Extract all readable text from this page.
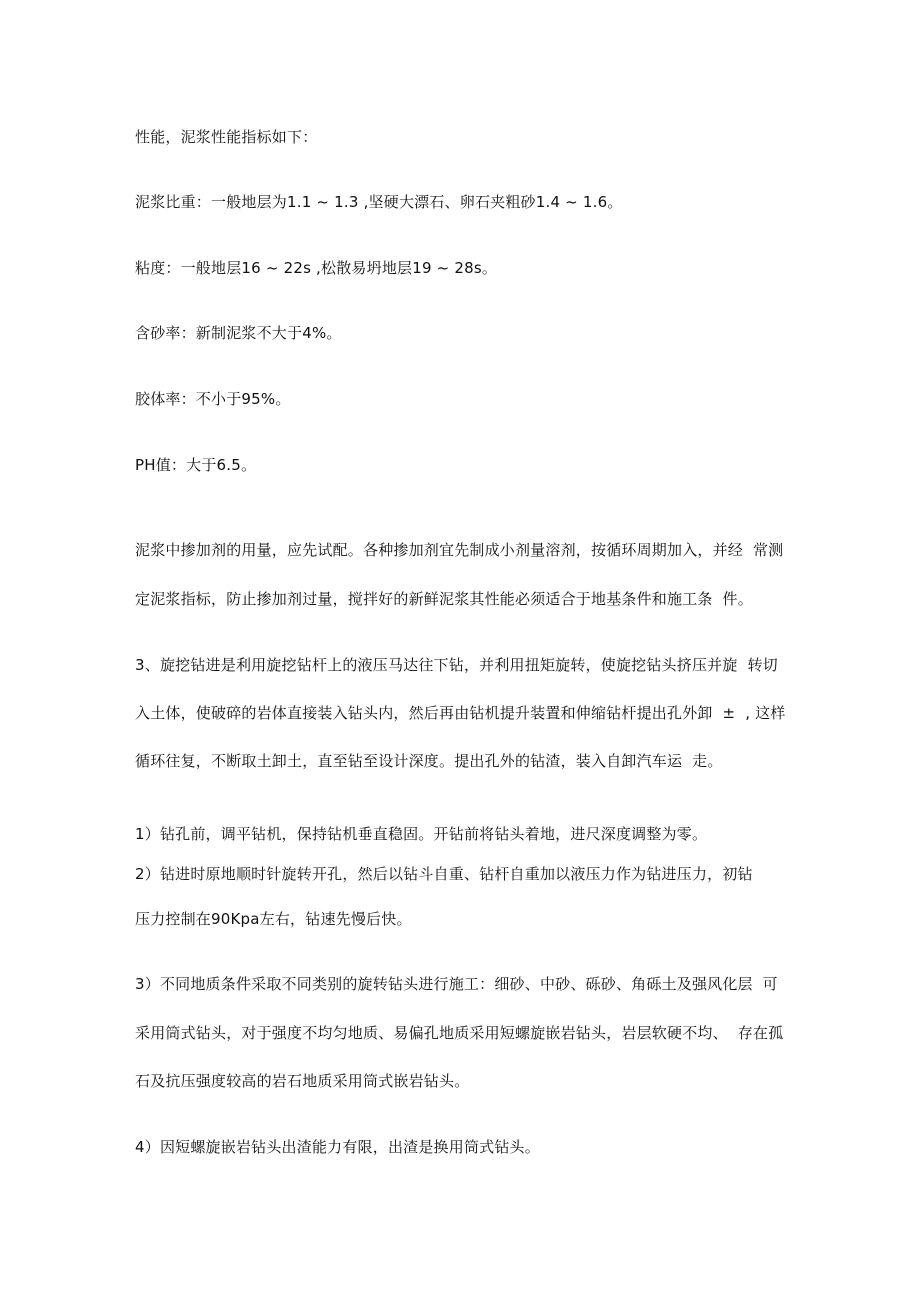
性能，泥浆性能指标如下：
泥浆比重：一般地层为1.1 ~ 1.3 ,坚硬大漂石、卵石夹粗砂1.4 ~ 1.6。
粘度：一般地层16 ~ 22s ,松散易坍地层19 ~ 28s。
含砂率：新制泥浆不大于4%。
胶体率：不小于95%。
PH值：大于6.5。
泥浆中掺加剂的用量，应先试配。各种掺加剂宜先制成小剂量溶剂，按循环周期加入，并经  常测
定泥浆指标，防止掺加剂过量，搅拌好的新鲜泥浆其性能必须适合于地基条件和施工条  件。
3、旋挖钻进是利用旋挖钻杆上的液压马达往下钻，并利用扭矩旋转，使旋挖钻头挤压并旋  转切
入土体，使破碎的岩体直接装入钻头内，然后再由钻机提升装置和伸缩钻杆提出孔外卸  ±  , 这样
循环往复，不断取土卸土，直至钻至设计深度。提出孔外的钻渣，装入自卸汽车运  走。
1）钻孔前，调平钻机，保持钻机垂直稳固。开钻前将钻头着地，进尺深度调整为零。
2）钻进时原地顺时针旋转开孔，然后以钻斗自重、钻杆自重加以液压力作为钻进压力，初钻
压力控制在90Kpa左右，钻速先慢后快。
3）不同地质条件采取不同类别的旋转钻头进行施工：细砂、中砂、砾砂、角砾土及强风化层  可
采用筒式钻头，对于强度不均匀地质、易偏孔地质采用短螺旋嵌岩钻头，岩层软硬不均、  存在孤
石及抗压强度较高的岩石地质采用筒式嵌岩钻头。
4）因短螺旋嵌岩钻头出渣能力有限，出渣是换用筒式钻头。
